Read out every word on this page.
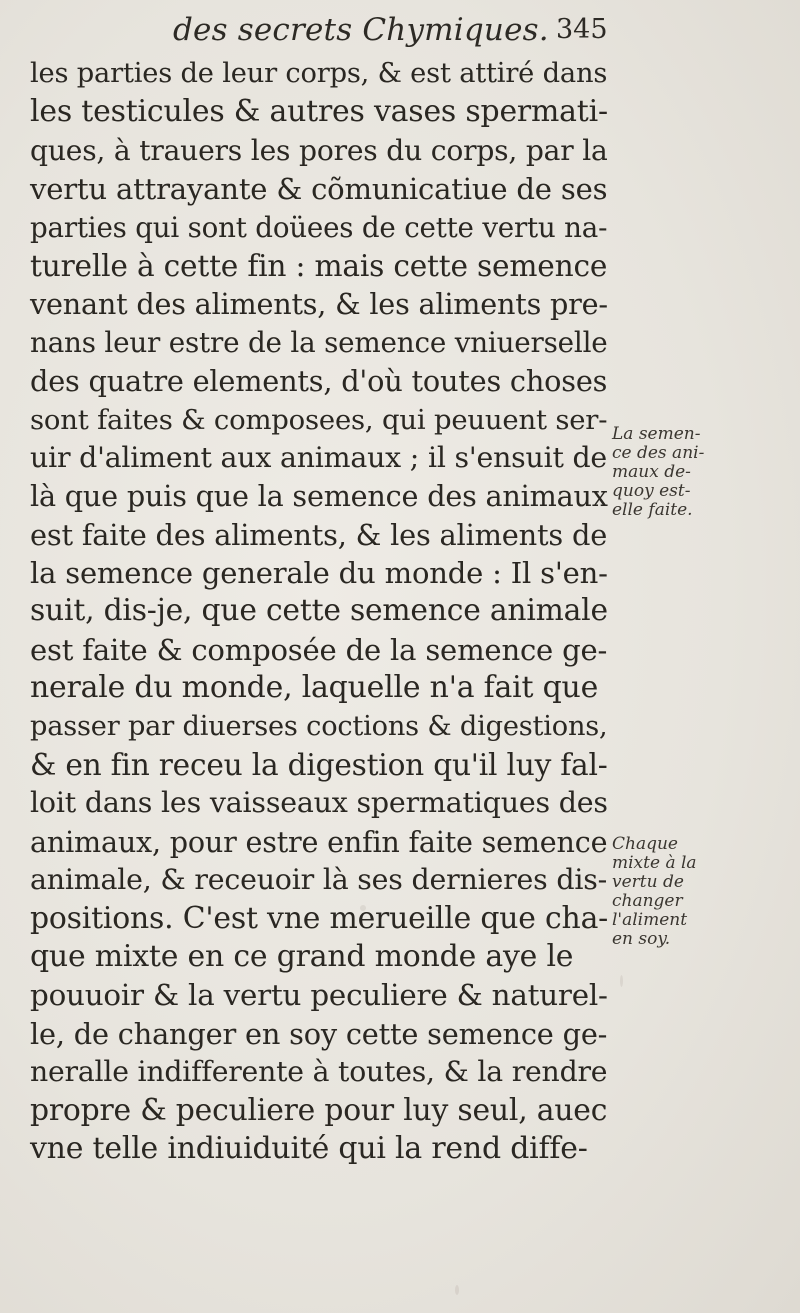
des secrets Chymiques. 345
les parties de leur corps, & est attiré dans
les testicules & autres vases spermati-
ques, à trauers les pores du corps, par la
vertu attrayante & cõmunicatiue de ses
parties qui sont doüees de cette vertu na-
turelle à cette fin : mais cette semence
venant des aliments, & les aliments pre-
nans leur estre de la semence vniuerselle
des quatre elements, d'où toutes choses
sont faites & composees, qui peuuent ser-
uir d'aliment aux animaux ; il s'ensuit de
là que puis que la semence des animaux
est faite des aliments, & les aliments de
la semence generale du monde : Il s'en-
suit, dis-je, que cette semence animale
est faite & composée de la semence ge-
nerale du monde, laquelle n'a fait que
passer par diuerses coctions & digestions,
& en fin receu la digestion qu'il luy fal-
loit dans les vaisseaux spermatiques des
animaux, pour estre enfin faite semence
animale, & receuoir là ses dernieres dis-
positions. C'est vne merueille que cha-
que mixte en ce grand monde aye le
pouuoir & la vertu peculiere & naturel-
le, de changer en soy cette semence ge-
neralle indifferente à toutes, & la rendre
propre & peculiere pour luy seul, auec
vne telle indiuiduité qui la rend diffe-
La semen-
ce des ani-
maux de-
quoy est-
elle faite.
Chaque
mixte à la
vertu de
changer
l'aliment
en soy.
